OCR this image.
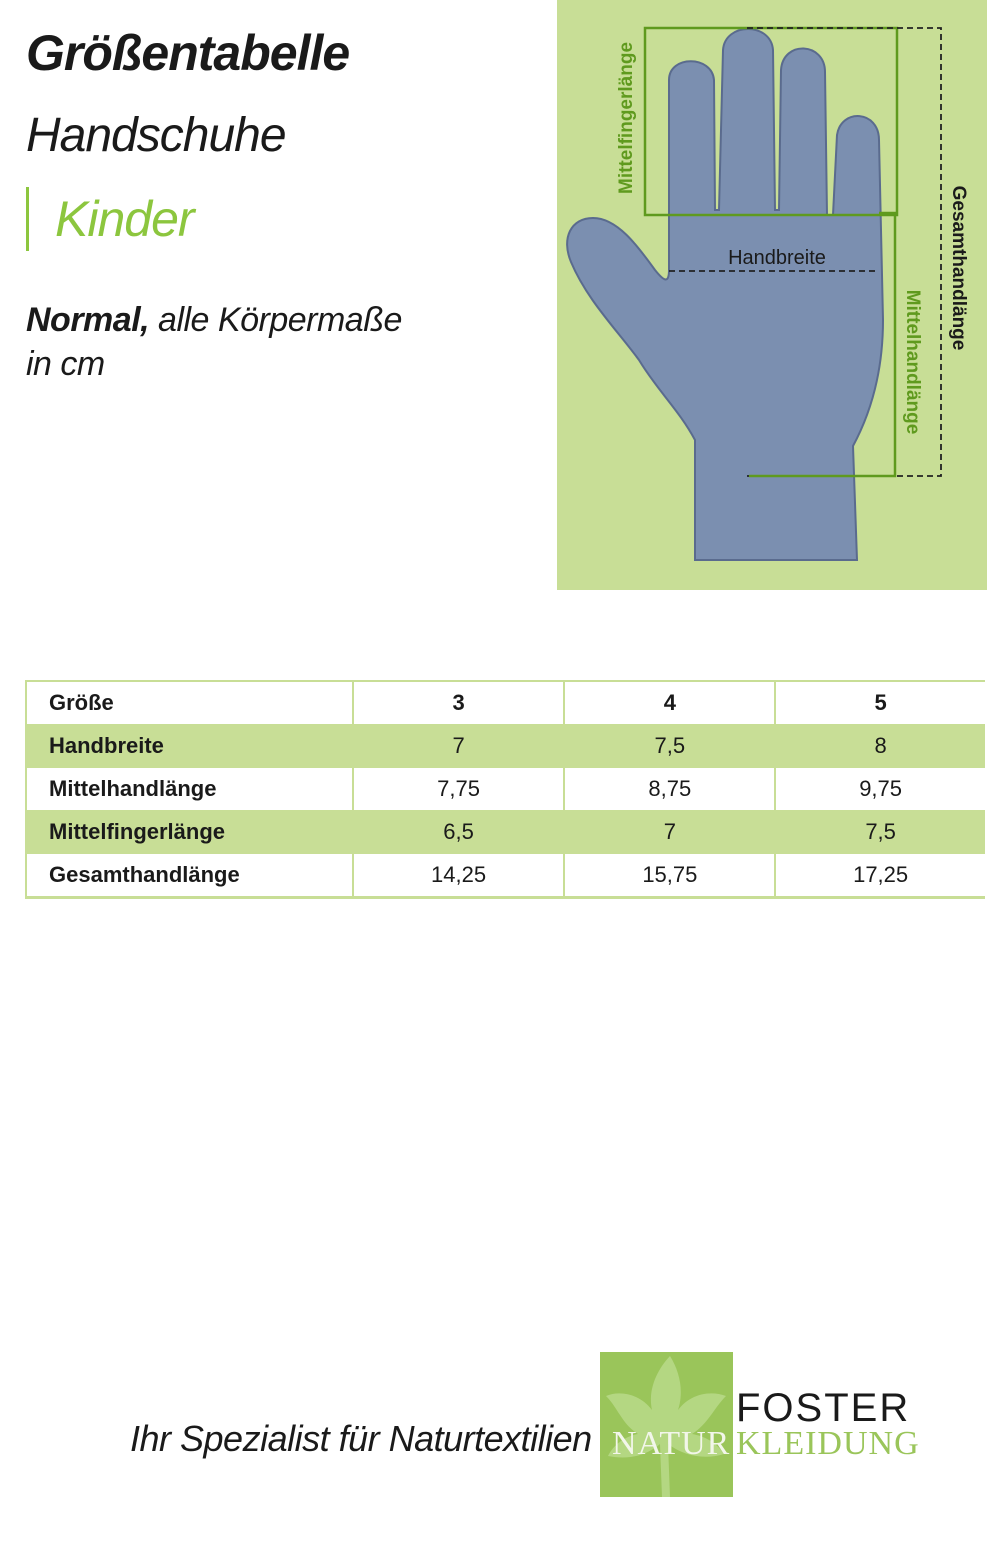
Größentabelle
Handschuhe
Kinder
Normal, alle Körpermaße
in cm
Mittelfingerlänge
Handbreite
Mittelhandlänge
Gesamthandlänge
Größe	3	4	5
Handbreite	7	7,5	8
Mittelhandlänge	7,75	8,75	9,75
Mittelfingerlänge	6,5	7	7,5
Gesamthandlänge	14,25	15,75	17,25
Ihr Spezialist für Naturtextilien NATUR
FOSTER
KLEIDUNG
